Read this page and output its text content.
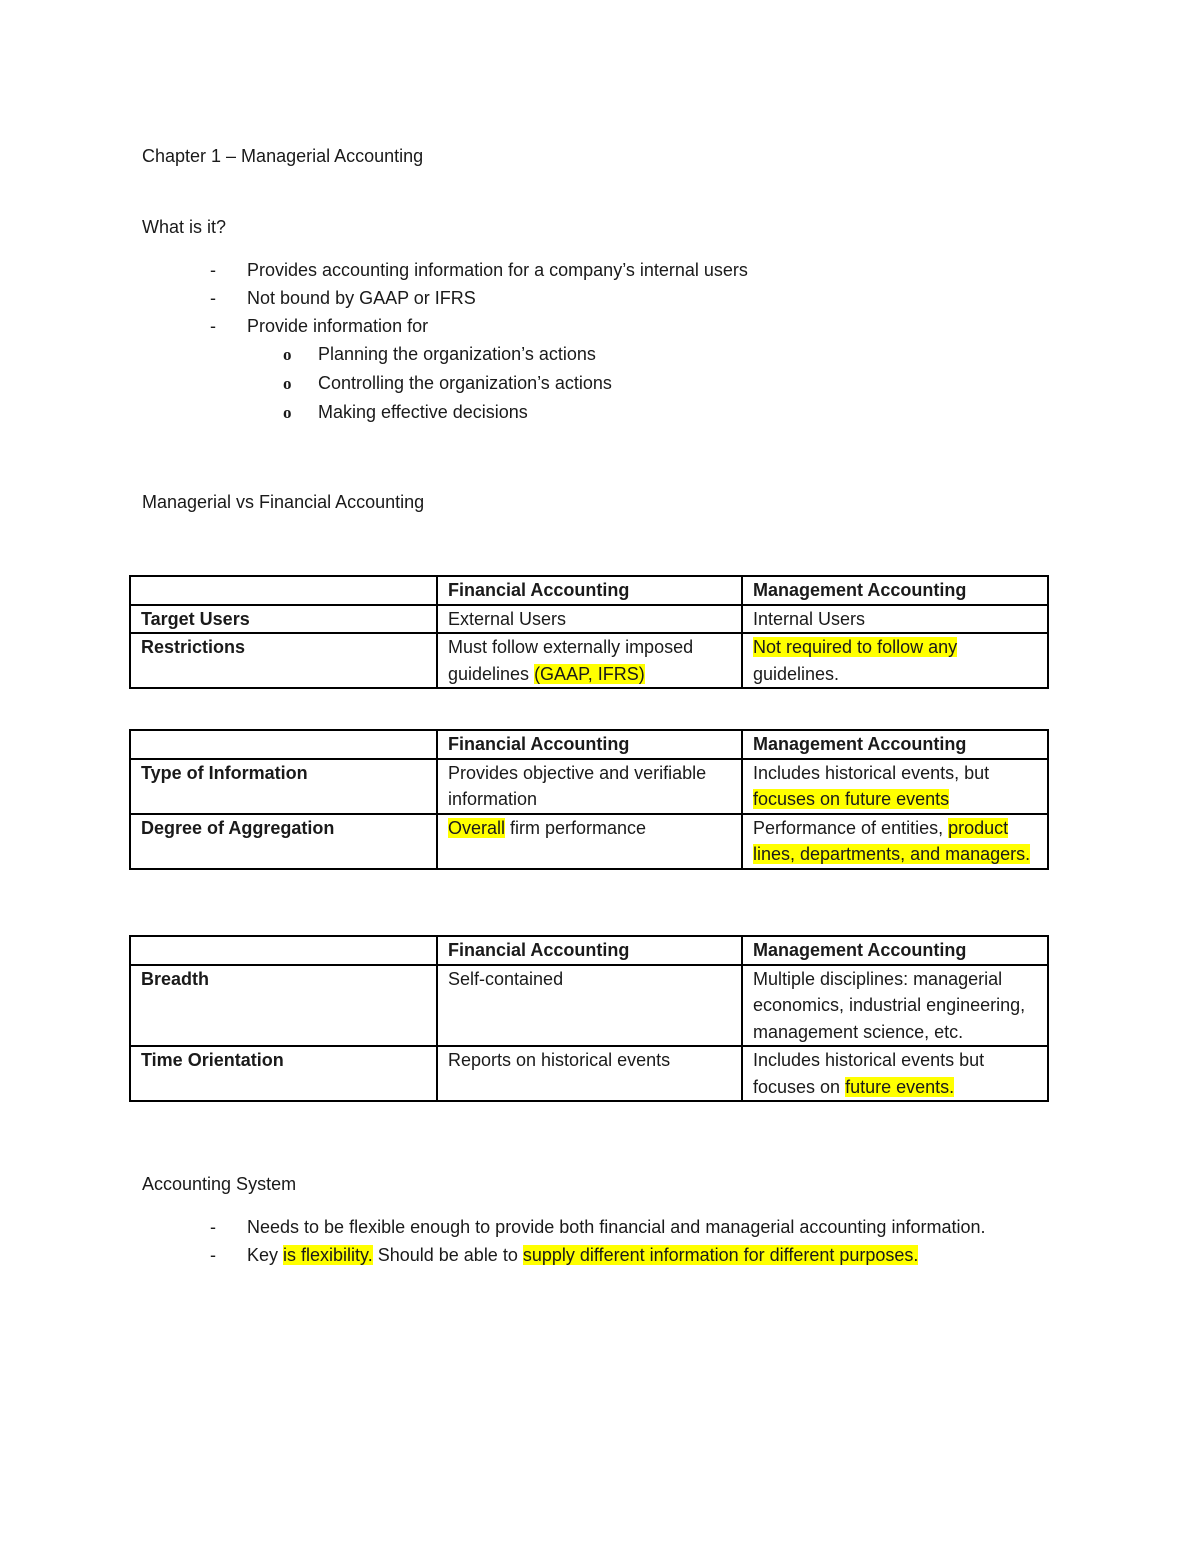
Chapter 1 – Managerial Accounting
What is it?
- Provides accounting information for a company’s internal users
- Not bound by GAAP or IFRS
- Provide information for
o Planning the organization’s actions
o Controlling the organization’s actions
o Making effective decisions
Managerial vs Financial Accounting
	Financial Accounting	Management Accounting
Target Users	External Users	Internal Users
Restrictions	Must follow externally imposed guidelines (GAAP, IFRS)	Not required to follow any guidelines.
	Financial Accounting	Management Accounting
Type of Information	Provides objective and verifiable information	Includes historical events, but focuses on future events
Degree of Aggregation	Overall firm performance	Performance of entities, product lines, departments, and managers.
	Financial Accounting	Management Accounting
Breadth	Self-contained	Multiple disciplines: managerial economics, industrial engineering, management science, etc.
Time Orientation	Reports on historical events	Includes historical events but focuses on future events.
Accounting System
- Needs to be flexible enough to provide both financial and managerial accounting information.
- Key is flexibility. Should be able to supply different information for different purposes.
